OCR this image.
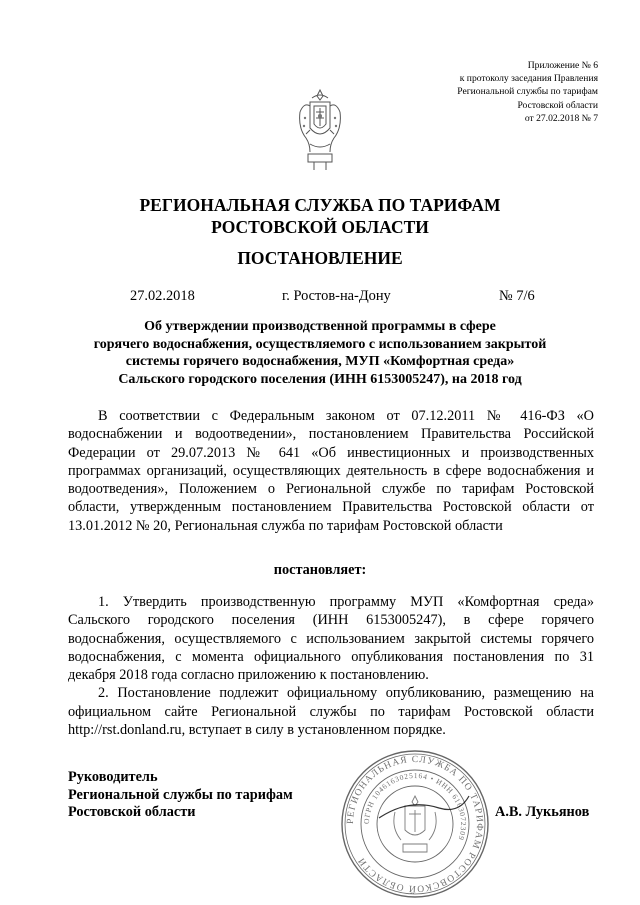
Приложение № 6
к протоколу заседания Правления
Региональной службы по тарифам
Ростовской области
от 27.02.2018 № 7
РЕГИОНАЛЬНАЯ СЛУЖБА ПО ТАРИФАМ
РОСТОВСКОЙ ОБЛАСТИ
ПОСТАНОВЛЕНИЕ
27.02.2018	г. Ростов-на-Дону	№ 7/6
Об утверждении производственной программы в сфере
горячего водоснабжения, осуществляемого с использованием закрытой
системы горячего водоснабжения, МУП «Комфортная среда»
Сальского городского поселения (ИНН 6153005247), на 2018 год
В соответствии с Федеральным законом от 07.12.2011 № 416-ФЗ «О водоснабжении и водоотведении», постановлением Правительства Российской Федерации от 29.07.2013 № 641 «Об инвестиционных и производственных программах организаций, осуществляющих деятельность в сфере водоснабжения и водоотведения», Положением о Региональной службе по тарифам Ростовской области, утвержденным постановлением Правительства Ростовской области от 13.01.2012 № 20, Региональная служба по тарифам Ростовской области
постановляет:

1. Утвердить производственную программу МУП «Комфортная среда» Сальского городского поселения (ИНН 6153005247), в сфере горячего водоснабжения, осуществляемого с использованием закрытой системы горячего водоснабжения, с момента официального опубликования постановления по 31 декабря 2018 года согласно приложению к постановлению.

2. Постановление подлежит официальному опубликованию, размещению на официальном сайте Региональной службы по тарифам Ростовской области http://rst.donland.ru, вступает в силу в установленном порядке.

Руководитель
Региональной службы по тарифам
Ростовской области
РЕГИОНАЛЬНАЯ СЛУЖБА ПО ТАРИФАМ РОСТОВСКОЙ ОБЛАСТИ
ОГРН 1046163025164 • ИНН 6163072309
А.В. Лукьянов
